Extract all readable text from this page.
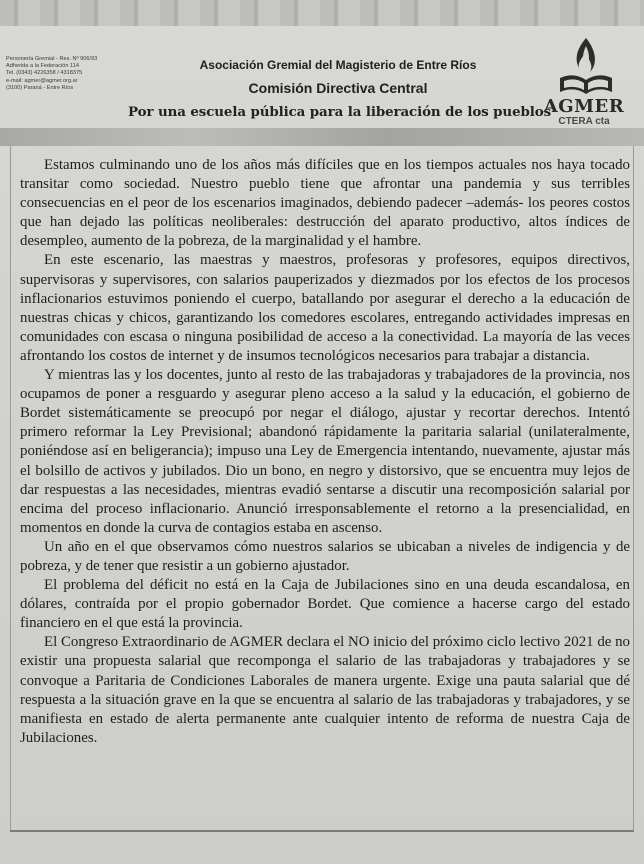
Personería Gremial - Res. Nº 906/93
Adherida a la Federación 114
Tel. (0343) 4226358 / 4318375
e-mail: agmer@agmer.org.ar
(3100) Paraná - Entre Ríos
Asociación Gremial del Magisterio de Entre Ríos
Comisión Directiva Central
Por una escuela pública para la liberación de los pueblos
AGMER
CTERA cta

Estamos culminando uno de los años más difíciles que en los tiempos actuales nos haya tocado transitar como sociedad. Nuestro pueblo tiene que afrontar una pandemia y sus terribles consecuencias en el peor de los escenarios imaginados, debiendo padecer –además- los peores costos que han dejado las políticas neoliberales: destrucción del aparato productivo, altos índices de desempleo, aumento de la pobreza, de la marginalidad y el hambre.

En este escenario, las maestras y maestros, profesoras y profesores, equipos directivos, supervisoras y supervisores, con salarios pauperizados y diezmados por los efectos de los procesos inflacionarios estuvimos poniendo el cuerpo, batallando por asegurar el derecho a la educación de nuestras chicas y chicos, garantizando los comedores escolares, entregando actividades impresas en comunidades con escasa o ninguna posibilidad de acceso a la conectividad. La mayoría de las veces afrontando los costos de internet y de insumos tecnológicos necesarios para trabajar a distancia.

Y mientras las y los docentes, junto al resto de las trabajadoras y trabajadores de la provincia, nos ocupamos de poner a resguardo y asegurar pleno acceso a la salud y la educación, el gobierno de Bordet sistemáticamente se preocupó por negar el diálogo, ajustar y recortar derechos. Intentó primero reformar la Ley Previsional; abandonó rápidamente la paritaria salarial (unilateralmente, poniéndose así en beligerancia); impuso una Ley de Emergencia intentando, nuevamente, ajustar más el bolsillo de activos y jubilados. Dio un bono, en negro y distorsivo, que se encuentra muy lejos de dar respuestas a las necesidades, mientras evadió sentarse a discutir una recomposición salarial por encima del proceso inflacionario. Anunció irresponsablemente el retorno a la presencialidad, en momentos en donde la curva de contagios estaba en ascenso.

Un año en el que observamos cómo nuestros salarios se ubicaban a niveles de indigencia y de pobreza, y de tener que resistir a un gobierno ajustador.

El problema del déficit no está en la Caja de Jubilaciones sino en una deuda escandalosa, en dólares, contraída por el propio gobernador Bordet. Que comience a hacerse cargo del estado financiero en el que está la provincia.

El Congreso Extraordinario de AGMER declara el NO inicio del próximo ciclo lectivo 2021 de no existir una propuesta salarial que recomponga el salario de las trabajadoras y trabajadores y se convoque a Paritaria de Condiciones Laborales de manera urgente. Exige una pauta salarial que dé respuesta a la situación grave en la que se encuentra al salario de las trabajadoras y trabajadores, y se manifiesta en estado de alerta permanente ante cualquier intento de reforma de nuestra Caja de Jubilaciones.
